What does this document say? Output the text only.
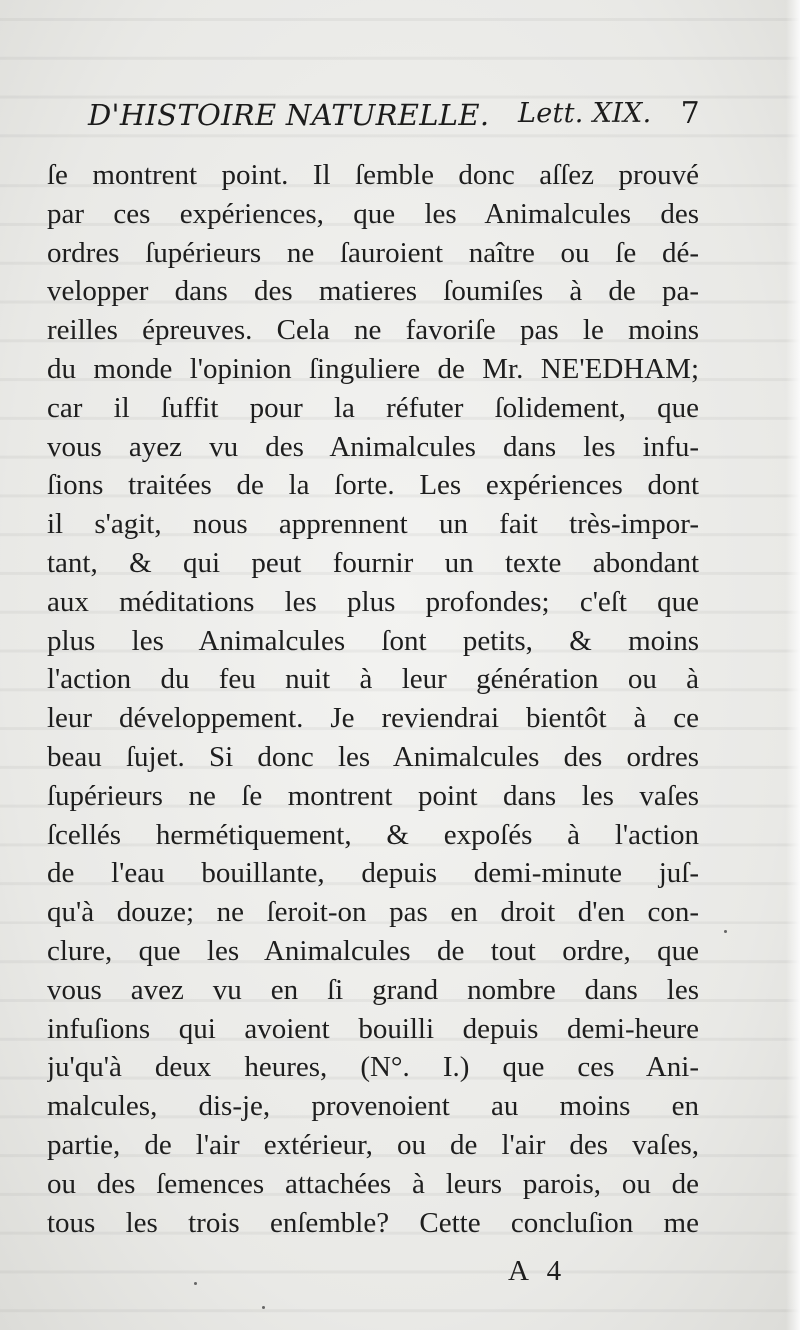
D'HISTOIRE NATURELLE. Lett. XIX. 7
ſe montrent point. Il ſemble donc aſſez prouvé
par ces expériences, que les Animalcules des
ordres ſupérieurs ne ſauroient naître ou ſe dé-
velopper dans des matieres ſoumiſes à de pa-
reilles épreuves. Cela ne favoriſe pas le moins
du monde l'opinion ſinguliere de Mr. NE'EDHAM;
car il ſuffit pour la réfuter ſolidement, que
vous ayez vu des Animalcules dans les infu-
ſions traitées de la ſorte. Les expériences dont
il s'agit, nous apprennent un fait très-impor-
tant, & qui peut fournir un texte abondant
aux méditations les plus profondes; c'eſt que
plus les Animalcules ſont petits, & moins
l'action du feu nuit à leur génération ou à
leur développement. Je reviendrai bientôt à ce
beau ſujet. Si donc les Animalcules des ordres
ſupérieurs ne ſe montrent point dans les vaſes
ſcellés hermétiquement, & expoſés à l'action
de l'eau bouillante, depuis demi-minute juſ-
qu'à douze; ne ſeroit-on pas en droit d'en con-
clure, que les Animalcules de tout ordre, que
vous avez vu en ſi grand nombre dans les
infuſions qui avoient bouilli depuis demi-heure
ju'qu'à deux heures, (N°. I.) que ces Ani-
malcules, dis-je, provenoient au moins en
partie, de l'air extérieur, ou de l'air des vaſes,
ou des ſemences attachées à leurs parois, ou de
tous les trois enſemble? Cette concluſion me
A 4
